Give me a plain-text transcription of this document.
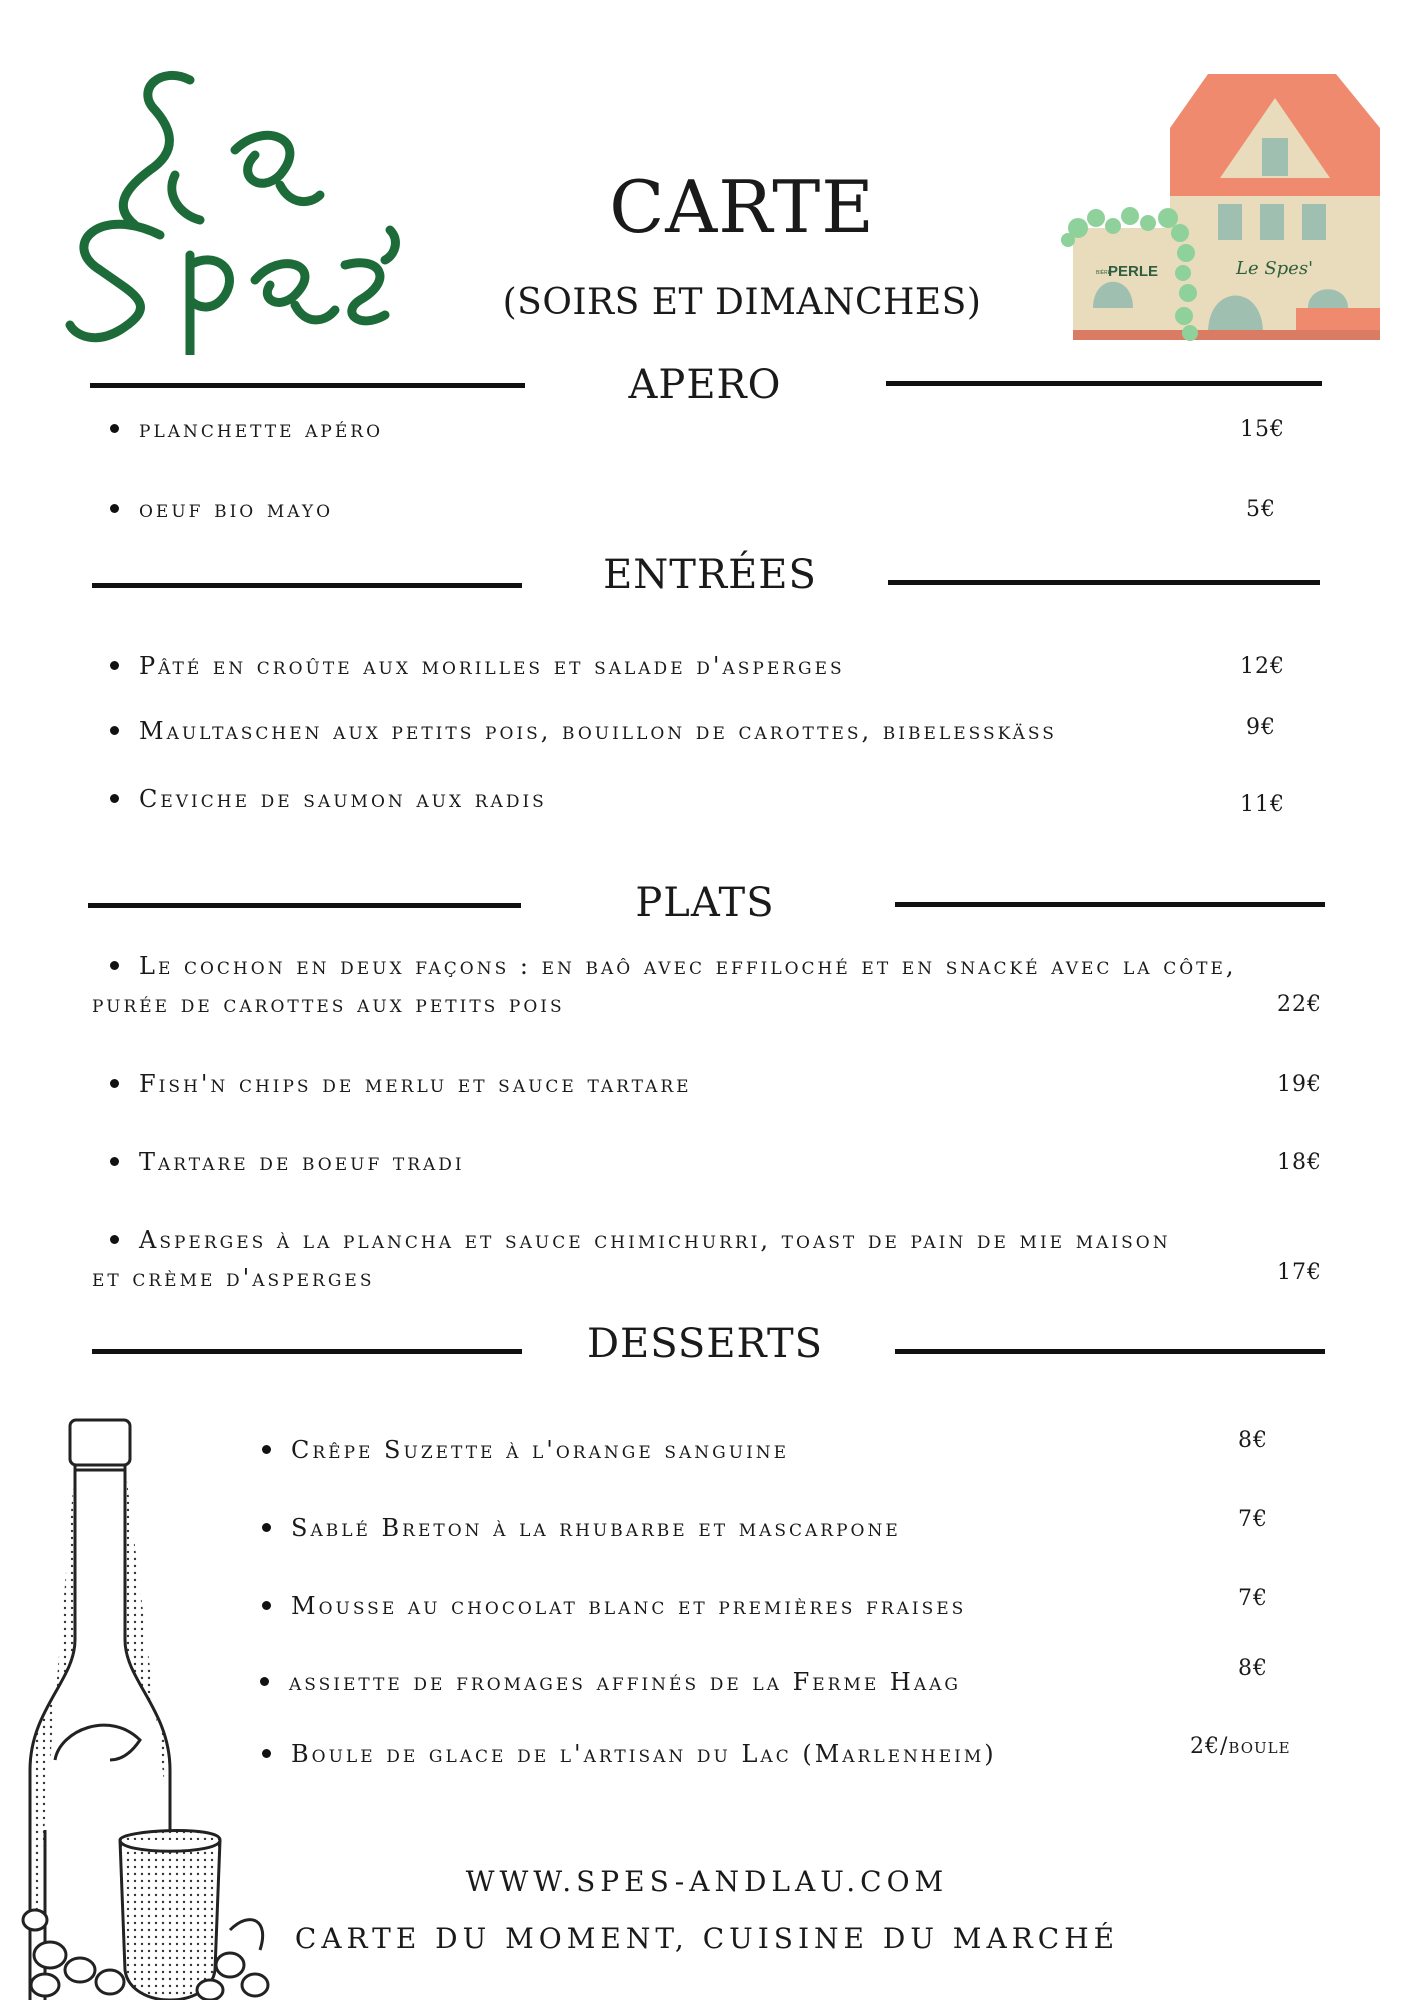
BIÈRE
PERLE	Le Spes'
CARTE
(SOIRS ET DIMANCHES)
APERO
planchette apéro	15€
oeuf bio mayo	5€
ENTRÉES
Pâté en croûte aux morilles et salade d'asperges	12€
Maultaschen aux petits pois, bouillon de carottes, bibelesskäss	9€
Ceviche de saumon aux radis	11€
PLATS
Le cochon en deux façons : en baô avec effiloché et en snacké avec la côte,
purée de carottes aux petits pois	22€
Fish'n chips de merlu et sauce tartare	19€
Tartare de boeuf tradi	18€
Asperges à la plancha et sauce chimichurri, toast de pain de mie maison
et crème d'asperges	17€
DESSERTS
Crêpe Suzette à l'orange sanguine	8€
Sablé Breton à la rhubarbe et mascarpone	7€
Mousse au chocolat blanc et premières fraises	7€
assiette de fromages affinés de la Ferme Haag	8€
Boule de glace de l'artisan du Lac (Marlenheim)	2€/boule
WWW.SPES-ANDLAU.COM
CARTE DU MOMENT, CUISINE DU MARCHÉ
